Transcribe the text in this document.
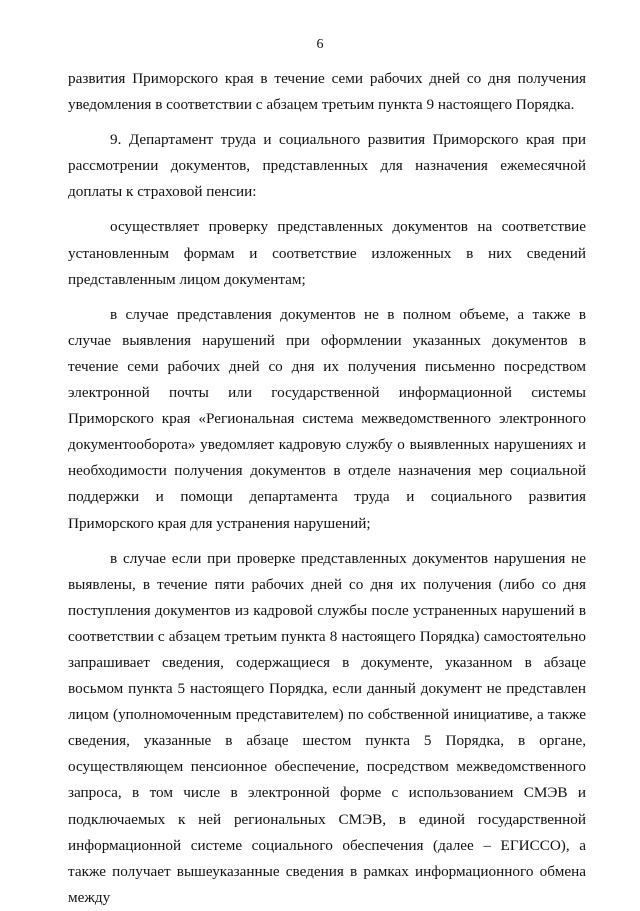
6

развития Приморского края в течение семи рабочих дней со дня получения уведомления в соответствии с абзацем третьим пункта 9 настоящего Порядка.

9. Департамент труда и социального развития Приморского края при рассмотрении документов, представленных для назначения ежемесячной доплаты к страховой пенсии:

осуществляет проверку представленных документов на соответствие установленным формам и соответствие изложенных в них сведений представленным лицом документам;

в случае представления документов не в полном объеме, а также в случае выявления нарушений при оформлении указанных документов в течение семи рабочих дней со дня их получения письменно посредством электронной почты или государственной информационной системы Приморского края «Региональная система межведомственного электронного документооборота» уведомляет кадровую службу о выявленных нарушениях и необходимости получения документов в отделе назначения мер социальной поддержки и помощи департамента труда и социального развития Приморского края для устранения нарушений;

в случае если при проверке представленных документов нарушения не выявлены, в течение пяти рабочих дней со дня их получения (либо со дня поступления документов из кадровой службы после устраненных нарушений в соответствии с абзацем третьим пункта 8 настоящего Порядка) самостоятельно запрашивает сведения, содержащиеся в документе, указанном в абзаце восьмом пункта 5 настоящего Порядка, если данный документ не представлен лицом (уполномоченным представителем) по собственной инициативе, а также сведения, указанные в абзаце шестом пункта 5 Порядка, в органе, осуществляющем пенсионное обеспечение, посредством межведомственного запроса, в том числе в электронной форме с использованием СМЭВ и подключаемых к ней региональных СМЭВ, в единой государственной информационной системе социального обеспечения (далее – ЕГИССО), а также получает вышеуказанные сведения в рамках информационного обмена между
